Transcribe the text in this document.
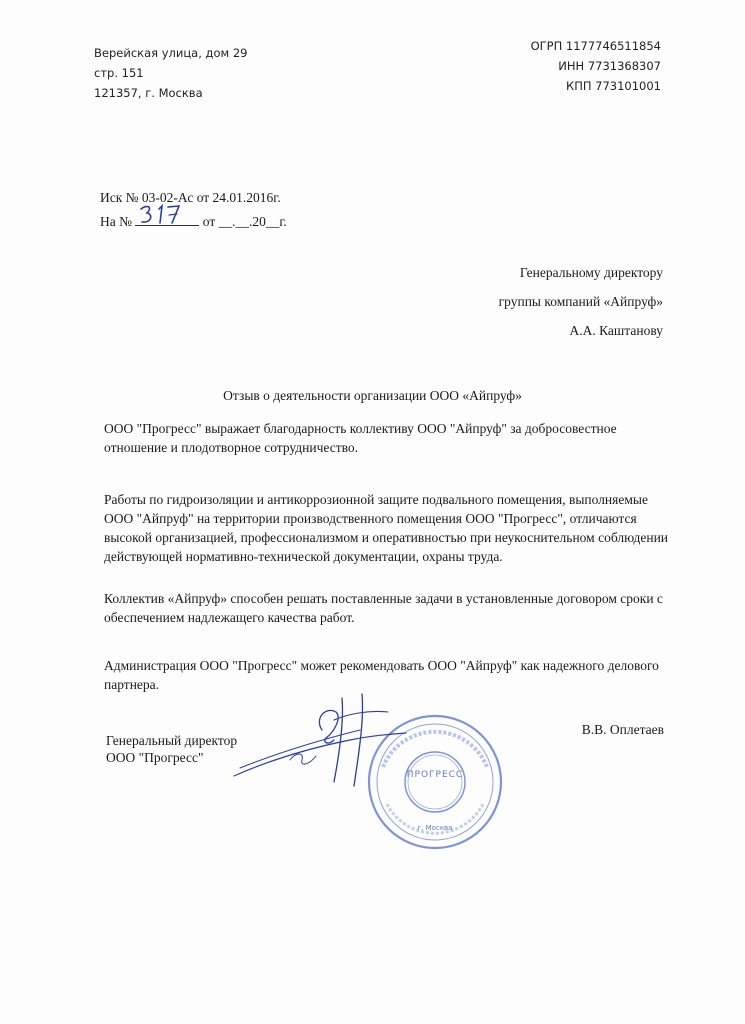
Верейская улица, дом 29
стр. 151
121357, г. Москва
ОГРП 1177746511854
ИНН 7731368307
КПП 773101001
Иск № 03-02-Ас от 24.01.2016г.
На №	от __.__.20__г.
Генеральному директору
группы компаний «Айпруф»
А.А. Каштанову
Отзыв о деятельности организации ООО «Айпруф»
ООО "Прогресс" выражает благодарность коллективу ООО "Айпруф" за добросовестное
отношение и плодотворное сотрудничество.
Работы по гидроизоляции и антикоррозионной защите подвального помещения, выполняемые
ООО "Айпруф" на территории производственного помещения ООО "Прогресс", отличаются
высокой организацией, профессионализмом и оперативностью при неукоснительном соблюдении
действующей нормативно-технической документации, охраны труда.
Коллектив «Айпруф» способен решать поставленные задачи в установленные договором сроки с
обеспечением надлежащего качества работ.
Администрация ООО "Прогресс" может рекомендовать ООО "Айпруф" как надежного делового
партнера.
Генеральный директор
ООО "Прогресс"
В.В. Оплетаев
ПРОГРЕСС
г. Москва
